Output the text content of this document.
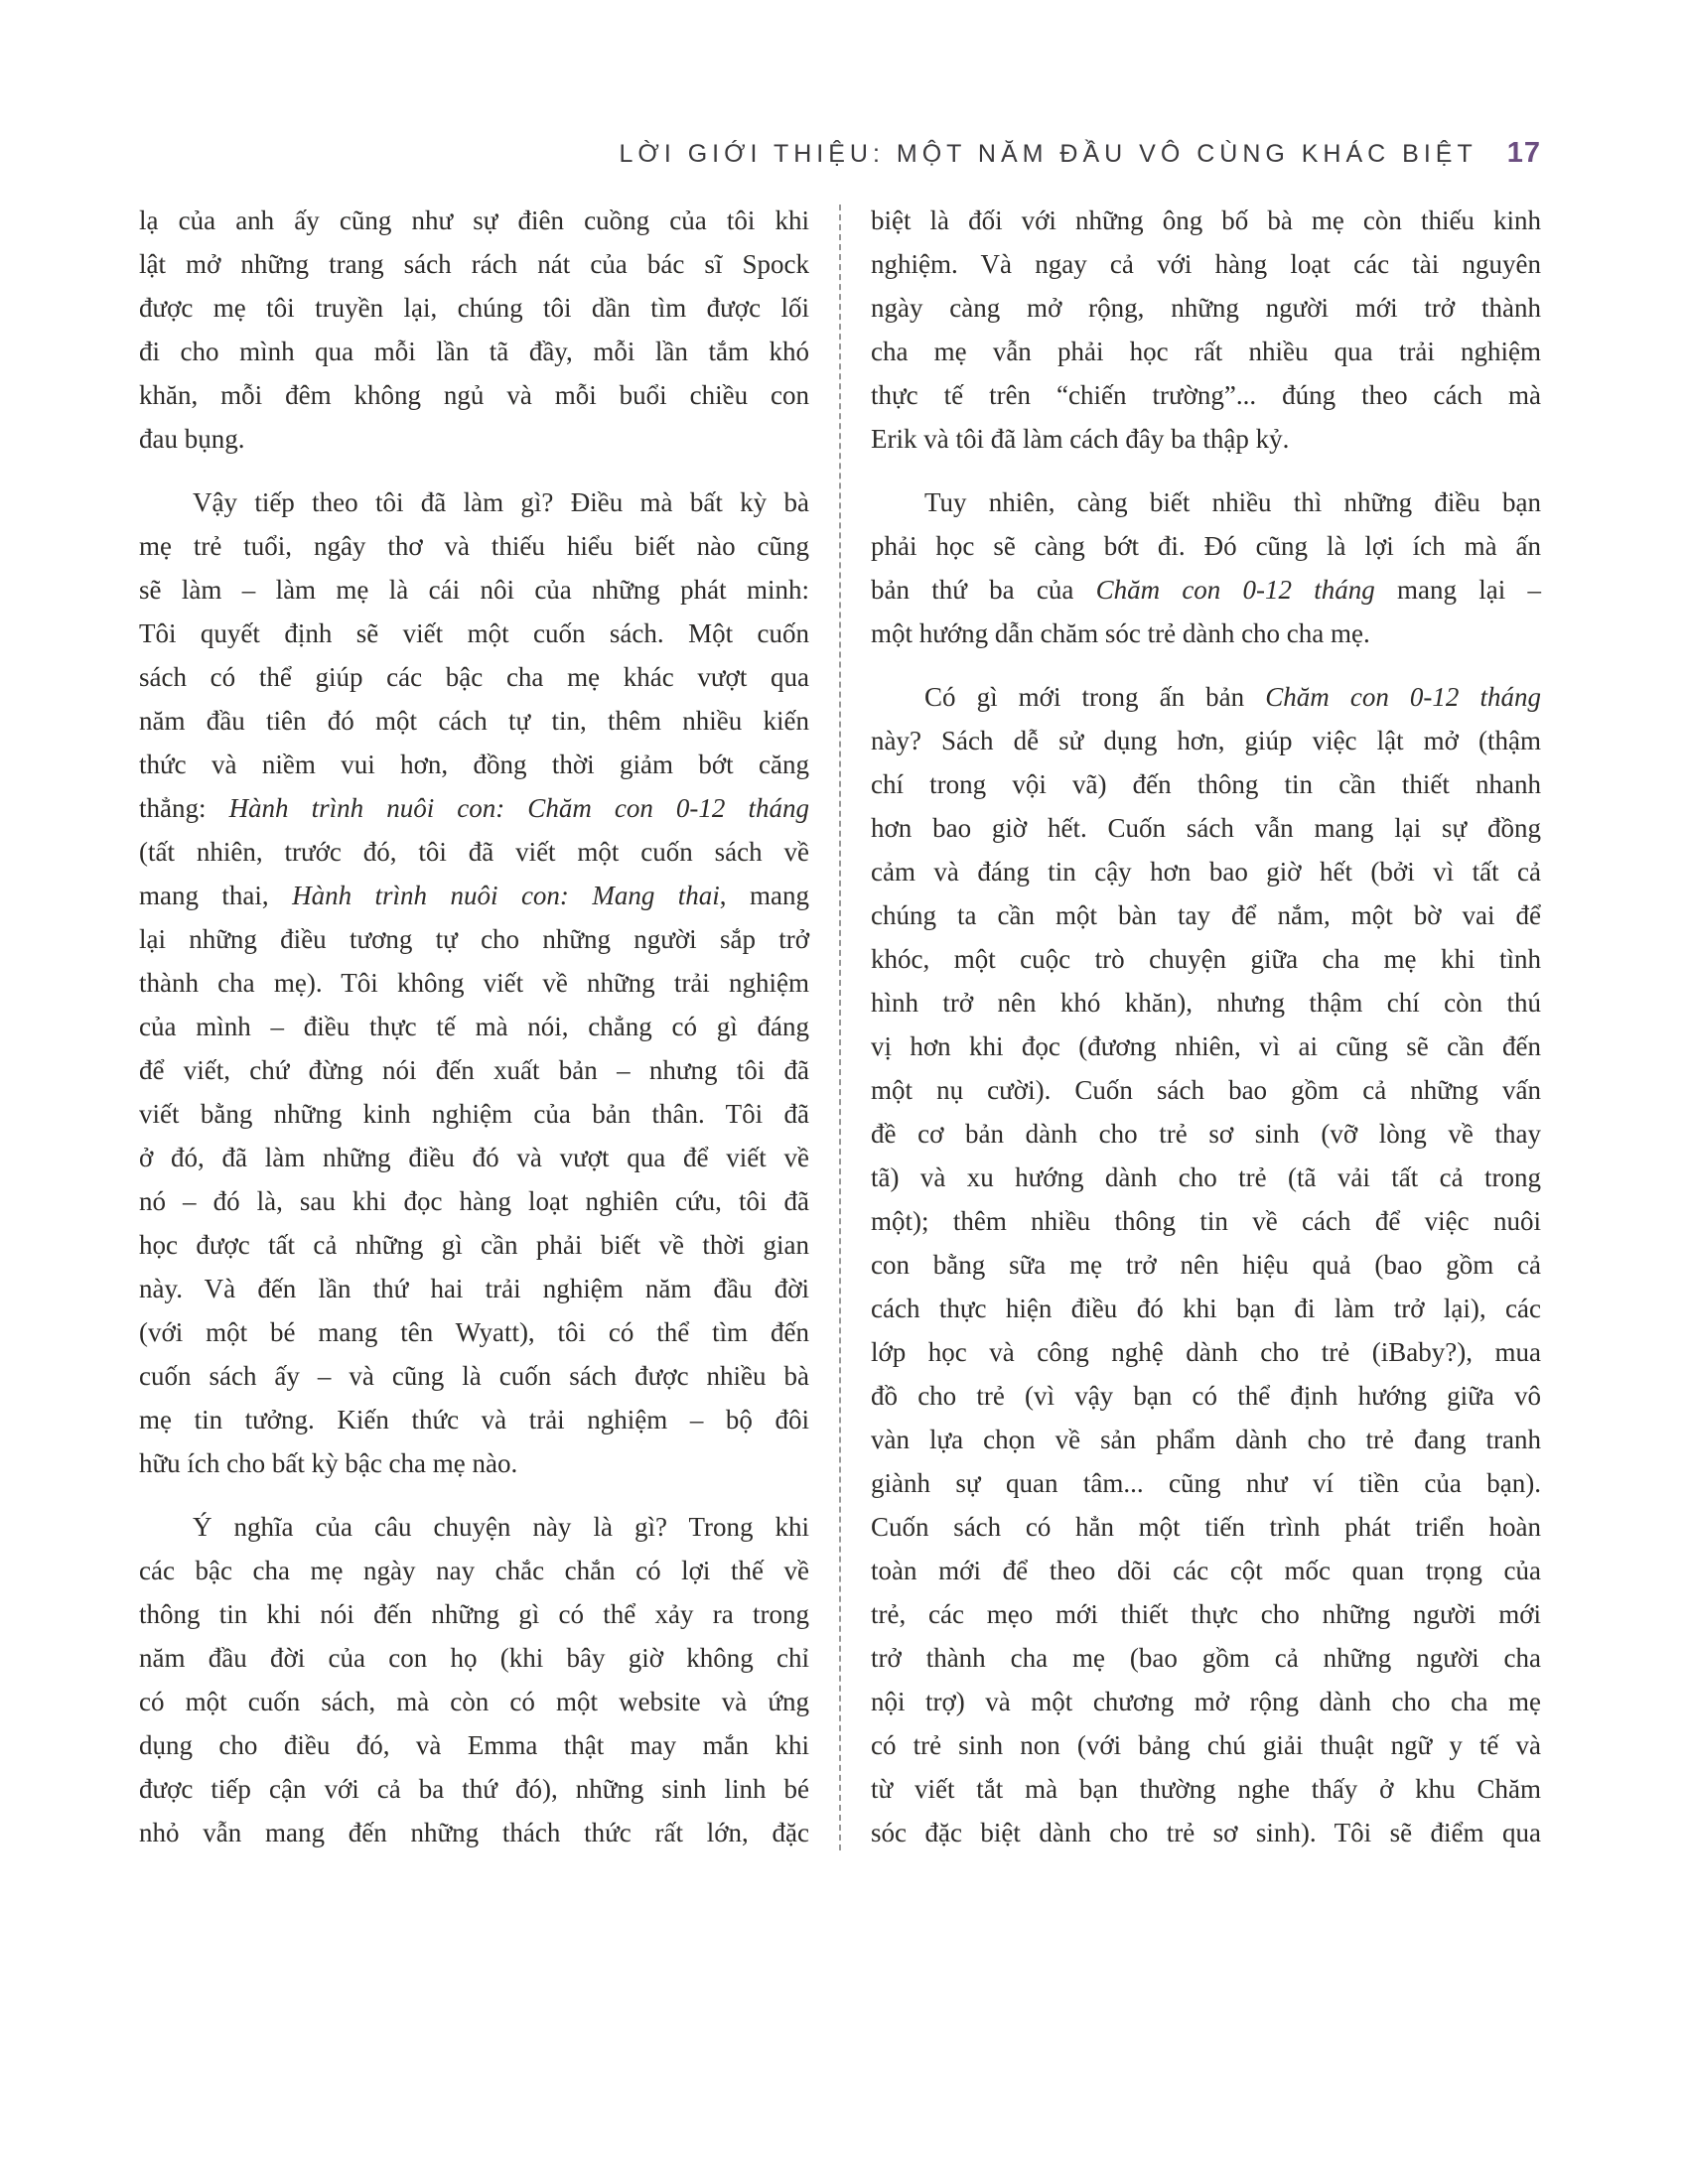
LỜI GIỚI THIỆU: MỘT NĂM ĐẦU VÔ CÙNG KHÁC BIỆT 17
lạ của anh ấy cũng như sự điên cuồng của tôi khi
lật mở những trang sách rách nát của bác sĩ Spock
được mẹ tôi truyền lại, chúng tôi dần tìm được lối
đi cho mình qua mỗi lần tã đầy, mỗi lần tắm khó
khăn, mỗi đêm không ngủ và mỗi buổi chiều con
đau bụng.
Vậy tiếp theo tôi đã làm gì? Điều mà bất kỳ bà
mẹ trẻ tuổi, ngây thơ và thiếu hiểu biết nào cũng
sẽ làm – làm mẹ là cái nôi của những phát minh:
Tôi quyết định sẽ viết một cuốn sách. Một cuốn
sách có thể giúp các bậc cha mẹ khác vượt qua
năm đầu tiên đó một cách tự tin, thêm nhiều kiến
thức và niềm vui hơn, đồng thời giảm bớt căng
thẳng: Hành trình nuôi con: Chăm con 0-12 tháng
(tất nhiên, trước đó, tôi đã viết một cuốn sách về
mang thai, Hành trình nuôi con: Mang thai, mang
lại những điều tương tự cho những người sắp trở
thành cha mẹ). Tôi không viết về những trải nghiệm
của mình – điều thực tế mà nói, chẳng có gì đáng
để viết, chứ đừng nói đến xuất bản – nhưng tôi đã
viết bằng những kinh nghiệm của bản thân. Tôi đã
ở đó, đã làm những điều đó và vượt qua để viết về
nó – đó là, sau khi đọc hàng loạt nghiên cứu, tôi đã
học được tất cả những gì cần phải biết về thời gian
này. Và đến lần thứ hai trải nghiệm năm đầu đời
(với một bé mang tên Wyatt), tôi có thể tìm đến
cuốn sách ấy – và cũng là cuốn sách được nhiều bà
mẹ tin tưởng. Kiến thức và trải nghiệm – bộ đôi
hữu ích cho bất kỳ bậc cha mẹ nào.
Ý nghĩa của câu chuyện này là gì? Trong khi
các bậc cha mẹ ngày nay chắc chắn có lợi thế về
thông tin khi nói đến những gì có thể xảy ra trong
năm đầu đời của con họ (khi bây giờ không chỉ
có một cuốn sách, mà còn có một website và ứng
dụng cho điều đó, và Emma thật may mắn khi
được tiếp cận với cả ba thứ đó), những sinh linh bé
nhỏ vẫn mang đến những thách thức rất lớn, đặc
biệt là đối với những ông bố bà mẹ còn thiếu kinh
nghiệm. Và ngay cả với hàng loạt các tài nguyên
ngày càng mở rộng, những người mới trở thành
cha mẹ vẫn phải học rất nhiều qua trải nghiệm
thực tế trên “chiến trường”... đúng theo cách mà
Erik và tôi đã làm cách đây ba thập kỷ.
Tuy nhiên, càng biết nhiều thì những điều bạn
phải học sẽ càng bớt đi. Đó cũng là lợi ích mà ấn
bản thứ ba của Chăm con 0-12 tháng mang lại –
một hướng dẫn chăm sóc trẻ dành cho cha mẹ.
Có gì mới trong ấn bản Chăm con 0-12 tháng
này? Sách dễ sử dụng hơn, giúp việc lật mở (thậm
chí trong vội vã) đến thông tin cần thiết nhanh
hơn bao giờ hết. Cuốn sách vẫn mang lại sự đồng
cảm và đáng tin cậy hơn bao giờ hết (bởi vì tất cả
chúng ta cần một bàn tay để nắm, một bờ vai để
khóc, một cuộc trò chuyện giữa cha mẹ khi tình
hình trở nên khó khăn), nhưng thậm chí còn thú
vị hơn khi đọc (đương nhiên, vì ai cũng sẽ cần đến
một nụ cười). Cuốn sách bao gồm cả những vấn
đề cơ bản dành cho trẻ sơ sinh (vỡ lòng về thay
tã) và xu hướng dành cho trẻ (tã vải tất cả trong
một); thêm nhiều thông tin về cách để việc nuôi
con bằng sữa mẹ trở nên hiệu quả (bao gồm cả
cách thực hiện điều đó khi bạn đi làm trở lại), các
lớp học và công nghệ dành cho trẻ (iBaby?), mua
đồ cho trẻ (vì vậy bạn có thể định hướng giữa vô
vàn lựa chọn về sản phẩm dành cho trẻ đang tranh
giành sự quan tâm... cũng như ví tiền của bạn).
Cuốn sách có hẳn một tiến trình phát triển hoàn
toàn mới để theo dõi các cột mốc quan trọng của
trẻ, các mẹo mới thiết thực cho những người mới
trở thành cha mẹ (bao gồm cả những người cha
nội trợ) và một chương mở rộng dành cho cha mẹ
có trẻ sinh non (với bảng chú giải thuật ngữ y tế và
từ viết tắt mà bạn thường nghe thấy ở khu Chăm
sóc đặc biệt dành cho trẻ sơ sinh). Tôi sẽ điểm qua
